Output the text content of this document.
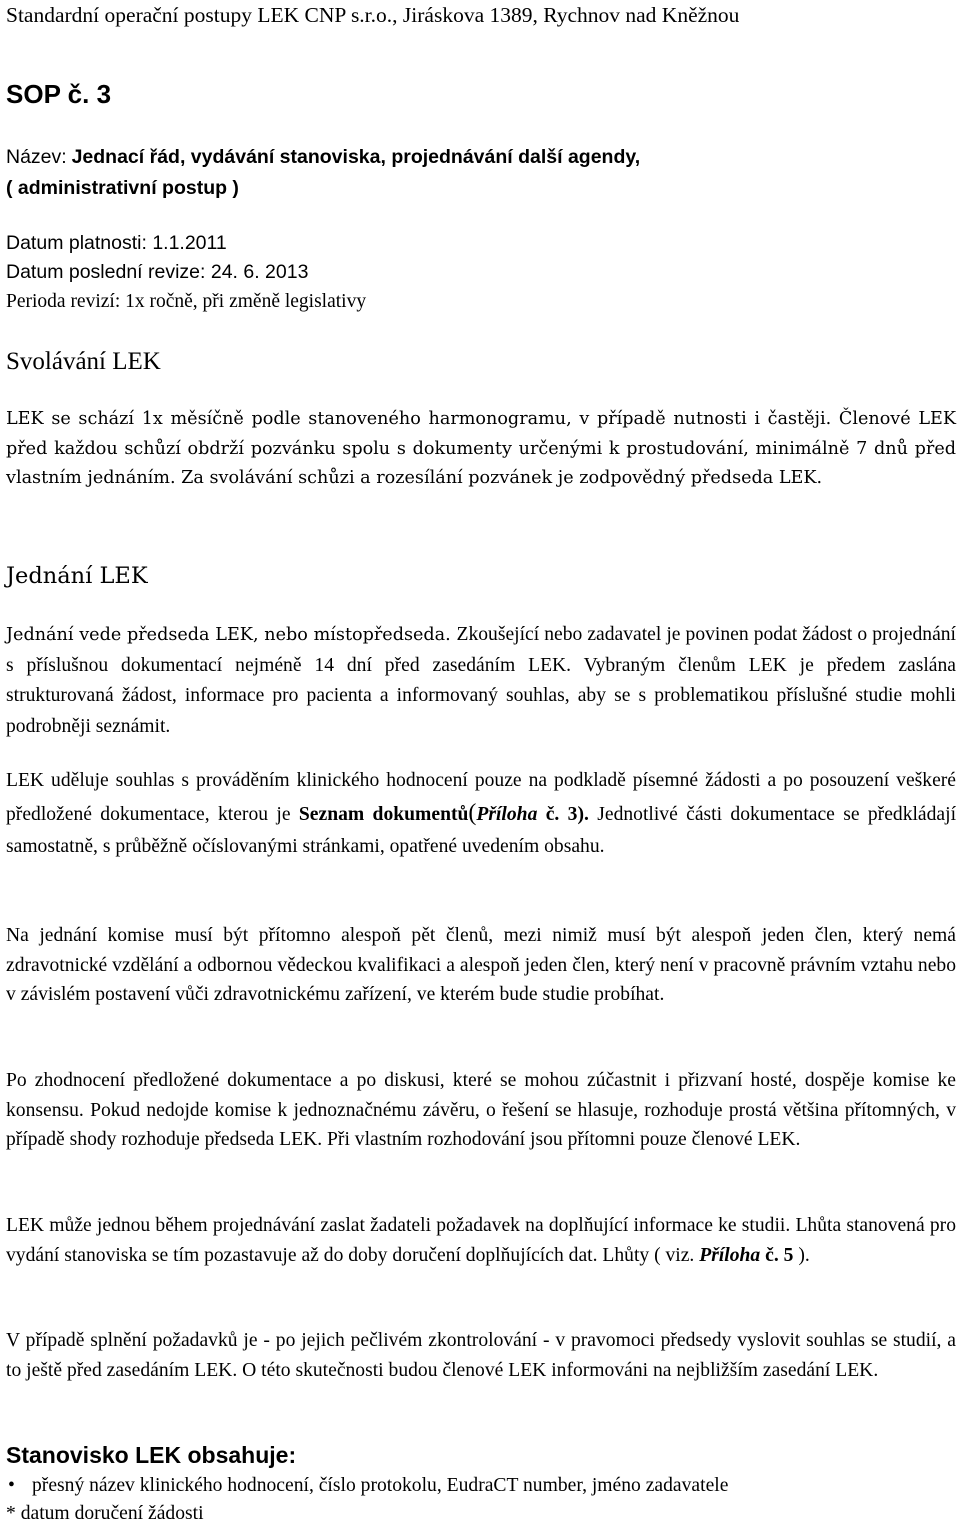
Standardní operační postupy LEK CNP s.r.o., Jiráskova 1389, Rychnov nad Kněžnou

SOP č. 3

Název: Jednací řád, vydávání stanoviska, projednávání další agendy,
( administrativní postup )
Datum platnosti: 1.1.2011
Datum poslední revize: 24. 6. 2013
Perioda revizí: 1x ročně, při změně legislativy
Svolávání LEK

LEK se schází 1x měsíčně podle stanoveného harmonogramu, v případě nutnosti i častěji. Členové LEK před každou schůzí obdrží pozvánku spolu s dokumenty určenými k prostudování, minimálně 7 dnů před vlastním jednáním. Za svolávání schůzi a rozesílání pozvánek je zodpovědný předseda LEK.

Jednání LEK

Jednání vede předseda LEK, nebo místopředseda. Zkoušející nebo zadavatel je povinen podat žádost o projednání s příslušnou dokumentací nejméně 14 dní před zasedáním LEK. Vybraným členům LEK je předem zaslána strukturovaná žádost, informace pro pacienta a informovaný souhlas, aby se s problematikou příslušné studie mohli podrobněji seznámit.

LEK uděluje souhlas s prováděním klinického hodnocení pouze na podkladě písemné žádosti a po posouzení veškeré předložené dokumentace, kterou je Seznam dokumentů(Příloha č. 3). Jednotlivé části dokumentace se předkládají samostatně, s průběžně očíslovanými stránkami, opatřené uvedením obsahu.

Na jednání komise musí být přítomno alespoň pět členů, mezi nimiž musí být alespoň jeden člen, který nemá zdravotnické vzdělání a odbornou vědeckou kvalifikaci a alespoň jeden člen, který není v pracovně právním vztahu nebo v závislém postavení vůči zdravotnickému zařízení, ve kterém bude studie probíhat.

Po zhodnocení předložené dokumentace a po diskusi, které se mohou zúčastnit i přizvaní hosté, dospěje komise ke konsensu. Pokud nedojde komise k jednoznačnému závěru, o řešení se hlasuje, rozhoduje prostá většina přítomných, v případě shody rozhoduje předseda LEK. Při vlastním rozhodování jsou přítomni pouze členové LEK.

LEK může jednou během projednávání zaslat žadateli požadavek na doplňující informace ke studii. Lhůta stanovená pro vydání stanoviska se tím pozastavuje až do doby doručení doplňujících dat. Lhůty ( viz. Příloha č. 5 ).

V případě splnění požadavků je - po jejich pečlivém zkontrolování - v pravomoci předsedy vyslovit souhlas se studií, a to ještě před zasedáním LEK. O této skutečnosti budou členové LEK informováni na nejbližším zasedání LEK.

Stanovisko LEK obsahuje:
• přesný název klinického hodnocení, číslo protokolu, EudraCT number, jméno zadavatele
* datum doručení žádosti
